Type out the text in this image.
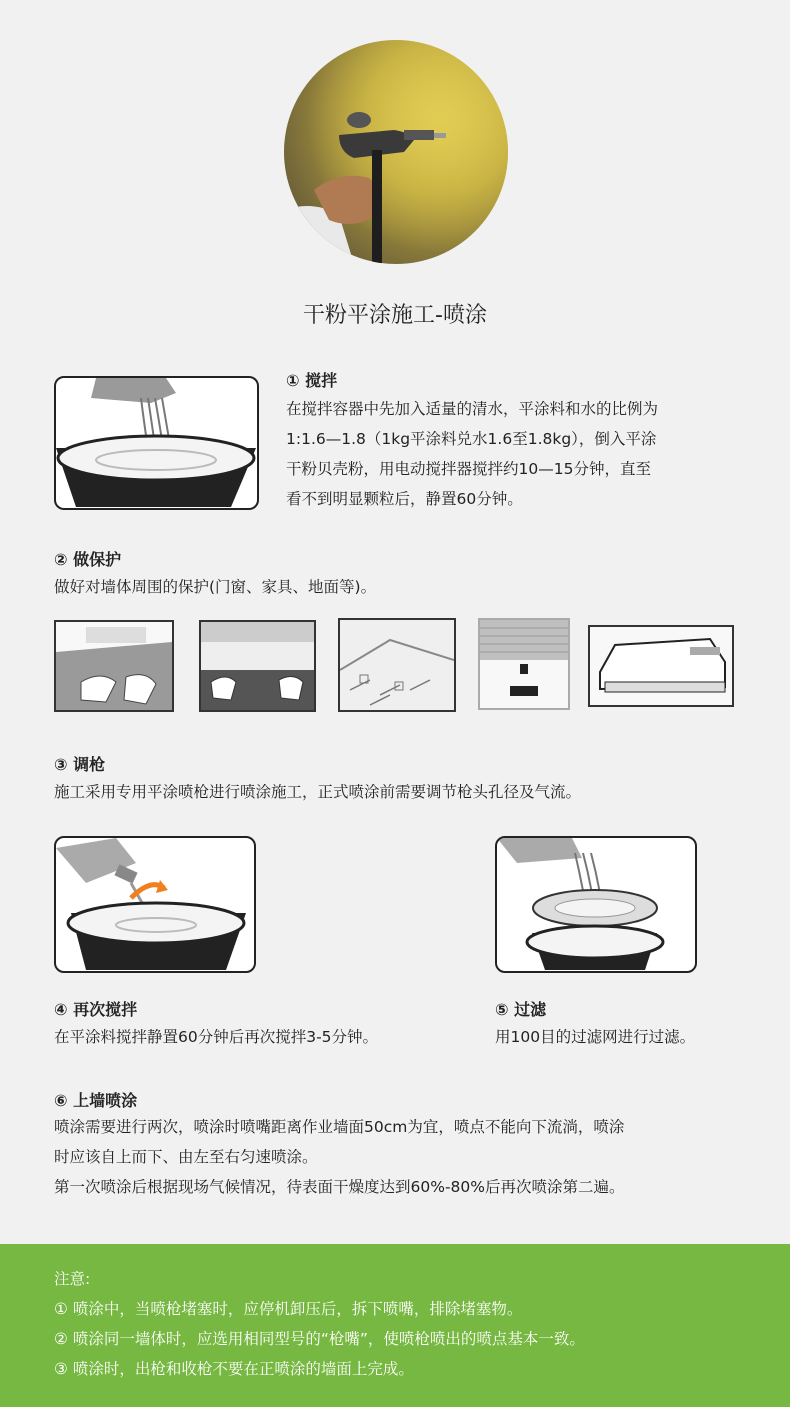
干粉平涂施工-喷涂
① 搅拌
在搅拌容器中先加入适量的清水，平涂料和水的比例为
1:1.6—1.8（1kg平涂料兑水1.6至1.8kg），倒入平涂
干粉贝壳粉，用电动搅拌器搅拌约10—15分钟，直至
看不到明显颗粒后，静置60分钟。
② 做保护
做好对墙体周围的保护(门窗、家具、地面等)。
③ 调枪
施工采用专用平涂喷枪进行喷涂施工，正式喷涂前需要调节枪头孔径及气流。
④ 再次搅拌
在平涂料搅拌静置60分钟后再次搅拌3-5分钟。
⑤ 过滤
用100目的过滤网进行过滤。
⑥ 上墙喷涂
喷涂需要进行两次，喷涂时喷嘴距离作业墙面50cm为宜，喷点不能向下流淌，喷涂
时应该自上而下、由左至右匀速喷涂。
第一次喷涂后根据现场气候情况，待表面干燥度达到60%-80%后再次喷涂第二遍。
注意:
① 喷涂中，当喷枪堵塞时，应停机卸压后，拆下喷嘴，排除堵塞物。
② 喷涂同一墙体时，应选用相同型号的“枪嘴”，使喷枪喷出的喷点基本一致。
③ 喷涂时，出枪和收枪不要在正喷涂的墙面上完成。
